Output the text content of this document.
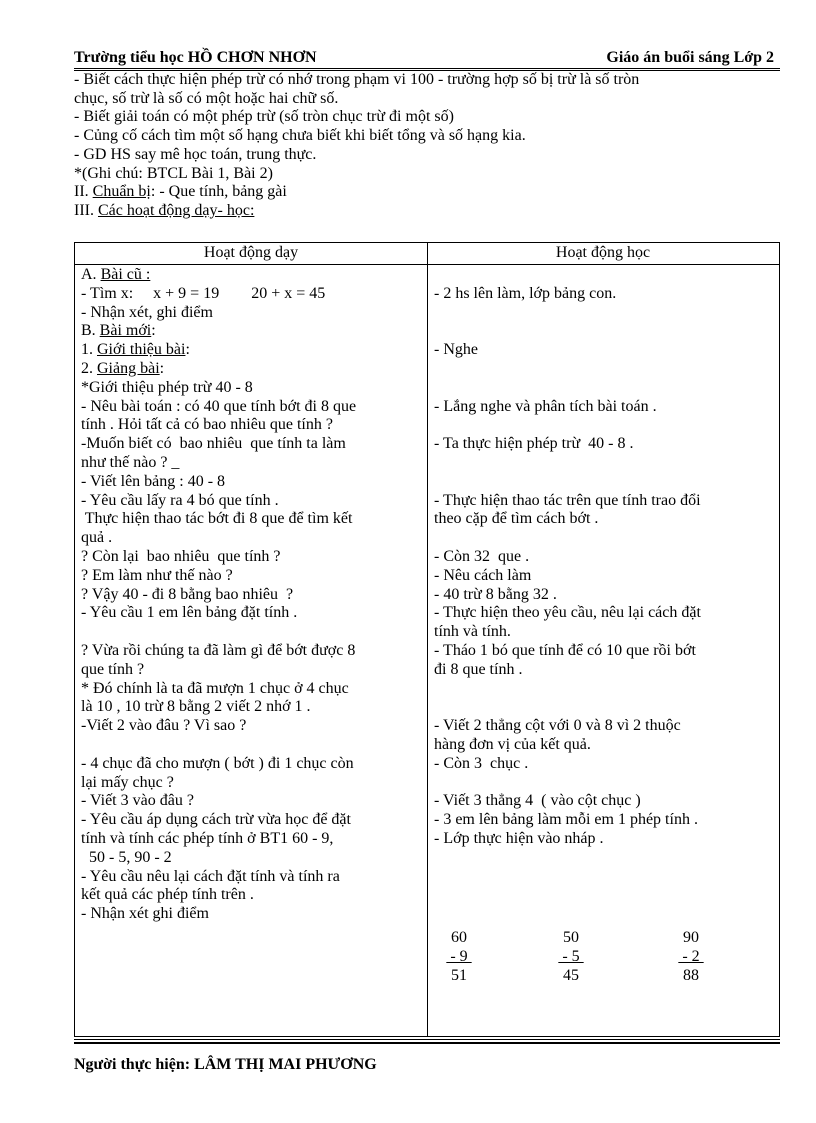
Trường tiểu học HỒ CHƠN NHƠN	Giáo án buổi sáng Lớp 2

- Biết cách thực hiện phép trừ có nhớ trong phạm vi 100 - trường hợp số bị trừ là số tròn

chục, số trừ là số có một hoặc hai chữ số.

- Biết giải toán có một phép trừ (số tròn chục trừ đi một số)

- Củng cố cách tìm một số hạng chưa biết khi biết tổng và số hạng kia.

- GD HS say mê học toán, trung thực.

*(Ghi chú: BTCL Bài 1, Bài 2)

II. Chuẩn bị: - Que tính, bảng gài

III. Các hoạt động dạy- học:

Hoạt động dạy	Hoạt động học
A. Bài cũ :
- Tìm x:     x + 9 = 19        20 + x = 45
- Nhận xét, ghi điểm
B. Bài mới:
1. Giới thiệu bài:
2. Giảng bài:
*Giới thiệu phép trừ 40 - 8
- Nêu bài toán : có 40 que tính bớt đi 8 que
tính . Hỏi tất cả có bao nhiêu que tính ?
-Muốn biết có  bao nhiêu  que tính ta làm
như thế nào ? _
- Viết lên bảng : 40 - 8
- Yêu cầu lấy ra 4 bó que tính .
Thực hiện thao tác bớt đi 8 que để tìm kết
quả .
? Còn lại  bao nhiêu  que tính ?
? Em làm như thế nào ?
? Vậy 40 - đi 8 bằng bao nhiêu  ?
- Yêu cầu 1 em lên bảng đặt tính .
? Vừa rồi chúng ta đã làm gì để bớt được 8
que tính ?
* Đó chính là ta đã mượn 1 chục ở 4 chục
là 10 , 10 trừ 8 bằng 2 viết 2 nhớ 1 .
-Viết 2 vào đâu ? Vì sao ?
- 4 chục đã cho mượn ( bớt ) đi 1 chục còn
lại mấy chục ?
- Viết 3 vào đâu ?
- Yêu cầu áp dụng cách trừ vừa học để đặt
tính và tính các phép tính ở BT1 60 - 9,
50 - 5, 90 - 2
- Yêu cầu nêu lại cách đặt tính và tính ra
kết quả các phép tính trên .
- Nhận xét ghi điểm
- 2 hs lên làm, lớp bảng con.
- Nghe
- Lắng nghe và phân tích bài toán .
- Ta thực hiện phép trừ  40 - 8 .
- Thực hiện thao tác trên que tính trao đổi
theo cặp để tìm cách bớt .
- Còn 32  que .
- Nêu cách làm
- 40 trừ 8 bằng 32 .
- Thực hiện theo yêu cầu, nêu lại cách đặt
tính và tính.
- Tháo 1 bó que tính để có 10 que rồi bớt
đi 8 que tính .
- Viết 2 thẳng cột với 0 và 8 vì 2 thuộc
hàng đơn vị của kết quả.
- Còn 3  chục .
- Viết 3 thẳng 4  ( vào cột chục )
- 3 em lên bảng làm mỗi em 1 phép tính .
- Lớp thực hiện vào nháp .
60
- 9
51
50
- 5
45
90
- 2
88
Người thực hiện: LÂM THỊ MAI PHƯƠNG
